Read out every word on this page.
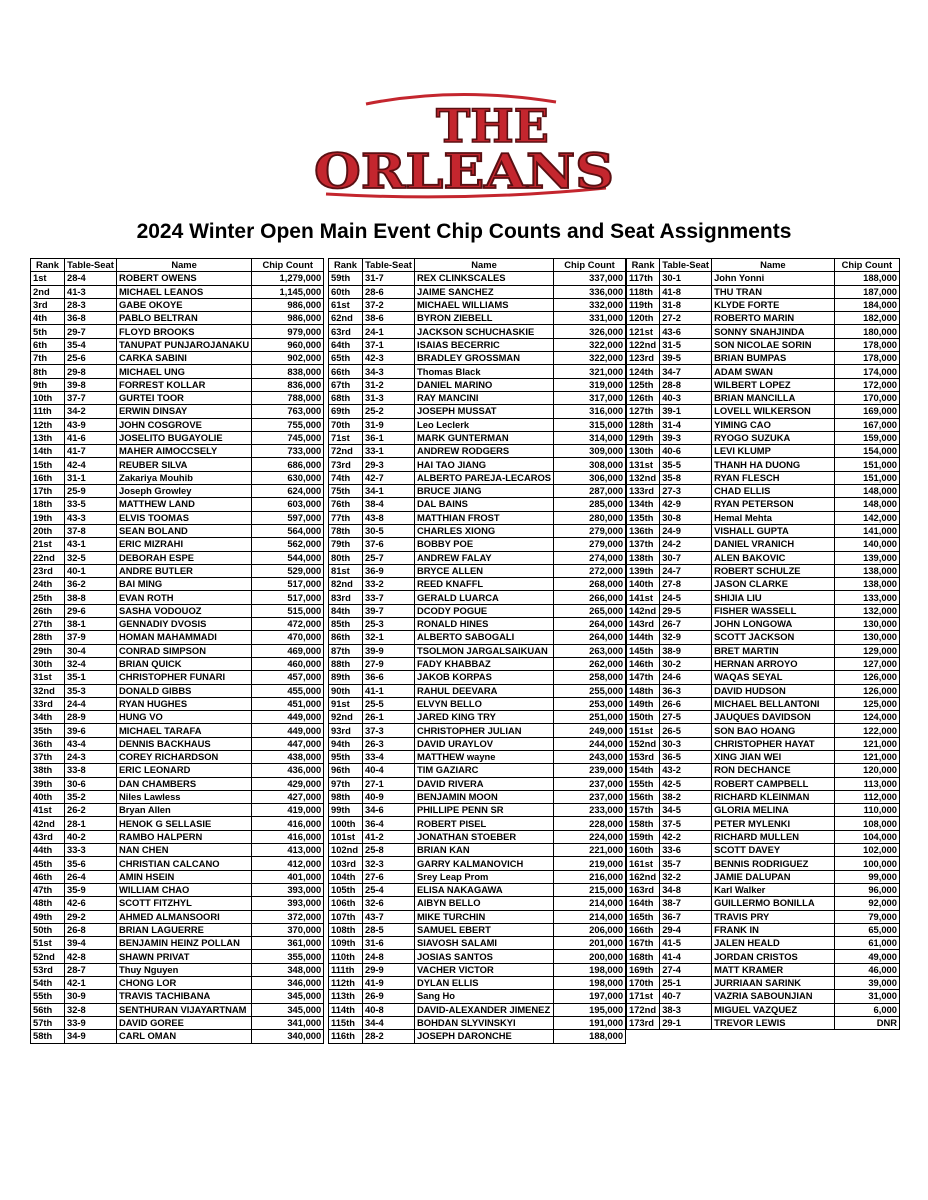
THE
ORLEANS
2024 Winter Open Main Event Chip Counts and Seat Assignments
Rank	Table-Seat	Name	Chip Count
1st	28-4	ROBERT OWENS	1,279,000
2nd	41-3	MICHAEL LEANOS	1,145,000
3rd	28-3	GABE OKOYE	986,000
4th	36-8	PABLO BELTRAN	986,000
5th	29-7	FLOYD BROOKS	979,000
6th	35-4	TANUPAT PUNJAROJANAKU	960,000
7th	25-6	CARKA SABINI	902,000
8th	29-8	MICHAEL UNG	838,000
9th	39-8	FORREST KOLLAR	836,000
10th	37-7	GURTEI TOOR	788,000
11th	34-2	ERWIN DINSAY	763,000
12th	43-9	JOHN COSGROVE	755,000
13th	41-6	JOSELITO BUGAYOLIE	745,000
14th	41-7	MAHER AIMOCCSELY	733,000
15th	42-4	REUBER SILVA	686,000
16th	31-1	Zakariya Mouhib	630,000
17th	25-9	Joseph Growley	624,000
18th	33-5	MATTHEW LAND	603,000
19th	43-3	ELVIS TOOMAS	597,000
20th	37-8	SEAN BOLAND	564,000
21st	43-1	ERIC MIZRAHI	562,000
22nd	32-5	DEBORAH ESPE	544,000
23rd	40-1	ANDRE BUTLER	529,000
24th	36-2	BAI MING	517,000
25th	38-8	EVAN ROTH	517,000
26th	29-6	SASHA VODOUOZ	515,000
27th	38-1	GENNADIY DVOSIS	472,000
28th	37-9	HOMAN MAHAMMADI	470,000
29th	30-4	CONRAD SIMPSON	469,000
30th	32-4	BRIAN QUICK	460,000
31st	35-1	CHRISTOPHER FUNARI	457,000
32nd	35-3	DONALD GIBBS	455,000
33rd	24-4	RYAN HUGHES	451,000
34th	28-9	HUNG VO	449,000
35th	39-6	MICHAEL TARAFA	449,000
36th	43-4	DENNIS BACKHAUS	447,000
37th	24-3	COREY RICHARDSON	438,000
38th	33-8	ERIC LEONARD	436,000
39th	30-6	DAN CHAMBERS	429,000
40th	35-2	Niles Lawless	427,000
41st	26-2	Bryan Allen	419,000
42nd	28-1	HENOK G SELLASIE	416,000
43rd	40-2	RAMBO HALPERN	416,000
44th	33-3	NAN CHEN	413,000
45th	35-6	CHRISTIAN CALCANO	412,000
46th	26-4	AMIN HSEIN	401,000
47th	35-9	WILLIAM CHAO	393,000
48th	42-6	SCOTT FITZHYL	393,000
49th	29-2	AHMED ALMANSOORI	372,000
50th	26-8	BRIAN LAGUERRE	370,000
51st	39-4	BENJAMIN HEINZ POLLAN	361,000
52nd	42-8	SHAWN PRIVAT	355,000
53rd	28-7	Thuy Nguyen	348,000
54th	42-1	CHONG LOR	346,000
55th	30-9	TRAVIS TACHIBANA	345,000
56th	32-8	SENTHURAN VIJAYARTNAM	345,000
57th	33-9	DAVID GOREE	341,000
58th	34-9	CARL OMAN	340,000
Rank	Table-Seat	Name	Chip Count
59th	31-7	REX CLINKSCALES	337,000
60th	28-6	JAIME SANCHEZ	336,000
61st	37-2	MICHAEL WILLIAMS	332,000
62nd	38-6	BYRON ZIEBELL	331,000
63rd	24-1	JACKSON SCHUCHASKIE	326,000
64th	37-1	ISAIAS BECERRIC	322,000
65th	42-3	BRADLEY GROSSMAN	322,000
66th	34-3	Thomas Black	321,000
67th	31-2	DANIEL MARINO	319,000
68th	31-3	RAY MANCINI	317,000
69th	25-2	JOSEPH MUSSAT	316,000
70th	31-9	Leo Leclerk	315,000
71st	36-1	MARK GUNTERMAN	314,000
72nd	33-1	ANDREW RODGERS	309,000
73rd	29-3	HAI TAO JIANG	308,000
74th	42-7	ALBERTO PAREJA-LECAROS	306,000
75th	34-1	BRUCE JIANG	287,000
76th	38-4	DAL BAINS	285,000
77th	43-8	MATTHIAN FROST	280,000
78th	30-5	CHARLES XIONG	279,000
79th	37-6	BOBBY POE	279,000
80th	25-7	ANDREW FALAY	274,000
81st	36-9	BRYCE ALLEN	272,000
82nd	33-2	REED KNAFFL	268,000
83rd	33-7	GERALD LUARCA	266,000
84th	39-7	DCODY POGUE	265,000
85th	25-3	RONALD HINES	264,000
86th	32-1	ALBERTO SABOGALI	264,000
87th	39-9	TSOLMON JARGALSAIKUAN	263,000
88th	27-9	FADY KHABBAZ	262,000
89th	36-6	JAKOB KORPAS	258,000
90th	41-1	RAHUL DEEVARA	255,000
91st	25-5	ELVYN BELLO	253,000
92nd	26-1	JARED KING TRY	251,000
93rd	37-3	CHRISTOPHER JULIAN	249,000
94th	26-3	DAVID URAYLOV	244,000
95th	33-4	MATTHEW wayne	243,000
96th	40-4	TIM GAZIARC	239,000
97th	27-1	DAVID RIVERA	237,000
98th	40-9	BENJAMIN MOON	237,000
99th	34-6	PHILLIPE PENN SR	233,000
100th	36-4	ROBERT PISEL	228,000
101st	41-2	JONATHAN STOEBER	224,000
102nd	25-8	BRIAN KAN	221,000
103rd	32-3	GARRY KALMANOVICH	219,000
104th	27-6	Srey Leap Prom	216,000
105th	25-4	ELISA NAKAGAWA	215,000
106th	32-6	AIBYN BELLO	214,000
107th	43-7	MIKE TURCHIN	214,000
108th	28-5	SAMUEL EBERT	206,000
109th	31-6	SIAVOSH SALAMI	201,000
110th	24-8	JOSIAS SANTOS	200,000
111th	29-9	VACHER VICTOR	198,000
112th	41-9	DYLAN ELLIS	198,000
113th	26-9	Sang Ho	197,000
114th	40-8	DAVID-ALEXANDER JIMENEZ	195,000
115th	34-4	BOHDAN SLYVINSKYI	191,000
116th	28-2	JOSEPH DARONCHE	188,000
Rank	Table-Seat	Name	Chip Count
117th	30-1	John Yonni	188,000
118th	41-8	THU TRAN	187,000
119th	31-8	KLYDE FORTE	184,000
120th	27-2	ROBERTO MARIN	182,000
121st	43-6	SONNY SNAHJINDA	180,000
122nd	31-5	SON NICOLAE SORIN	178,000
123rd	39-5	BRIAN BUMPAS	178,000
124th	34-7	ADAM SWAN	174,000
125th	28-8	WILBERT LOPEZ	172,000
126th	40-3	BRIAN MANCILLA	170,000
127th	39-1	LOVELL WILKERSON	169,000
128th	31-4	YIMING CAO	167,000
129th	39-3	RYOGO SUZUKA	159,000
130th	40-6	LEVI KLUMP	154,000
131st	35-5	THANH HA DUONG	151,000
132nd	35-8	RYAN FLESCH	151,000
133rd	27-3	CHAD ELLIS	148,000
134th	42-9	RYAN PETERSON	148,000
135th	30-8	Hemal Mehta	142,000
136th	24-9	VISHALL GUPTA	141,000
137th	24-2	DANIEL VRANICH	140,000
138th	30-7	ALEN BAKOVIC	139,000
139th	24-7	ROBERT SCHULZE	138,000
140th	27-8	JASON CLARKE	138,000
141st	24-5	SHIJIA LIU	133,000
142nd	29-5	FISHER WASSELL	132,000
143rd	26-7	JOHN LONGOWA	130,000
144th	32-9	SCOTT JACKSON	130,000
145th	38-9	BRET MARTIN	129,000
146th	30-2	HERNAN ARROYO	127,000
147th	24-6	WAQAS SEYAL	126,000
148th	36-3	DAVID HUDSON	126,000
149th	26-6	MICHAEL BELLANTONI	125,000
150th	27-5	JAUQUES DAVIDSON	124,000
151st	26-5	SON BAO HOANG	122,000
152nd	30-3	CHRISTOPHER HAYAT	121,000
153rd	36-5	XING JIAN WEI	121,000
154th	43-2	RON DECHANCE	120,000
155th	42-5	ROBERT CAMPBELL	113,000
156th	38-2	RICHARD KLEINMAN	112,000
157th	34-5	GLORIA MELINA	110,000
158th	37-5	PETER MYLENKI	108,000
159th	42-2	RICHARD MULLEN	104,000
160th	33-6	SCOTT DAVEY	102,000
161st	35-7	BENNIS RODRIGUEZ	100,000
162nd	32-2	JAMIE DALUPAN	99,000
163rd	34-8	Karl Walker	96,000
164th	38-7	GUILLERMO BONILLA	92,000
165th	36-7	TRAVIS PRY	79,000
166th	29-4	FRANK IN	65,000
167th	41-5	JALEN HEALD	61,000
168th	41-4	JORDAN CRISTOS	49,000
169th	27-4	MATT KRAMER	46,000
170th	25-1	JURRIAAN SARINK	39,000
171st	40-7	VAZRIA SABOUNJIAN	31,000
172nd	38-3	MIGUEL VAZQUEZ	6,000
173rd	29-1	TREVOR LEWIS	DNR
